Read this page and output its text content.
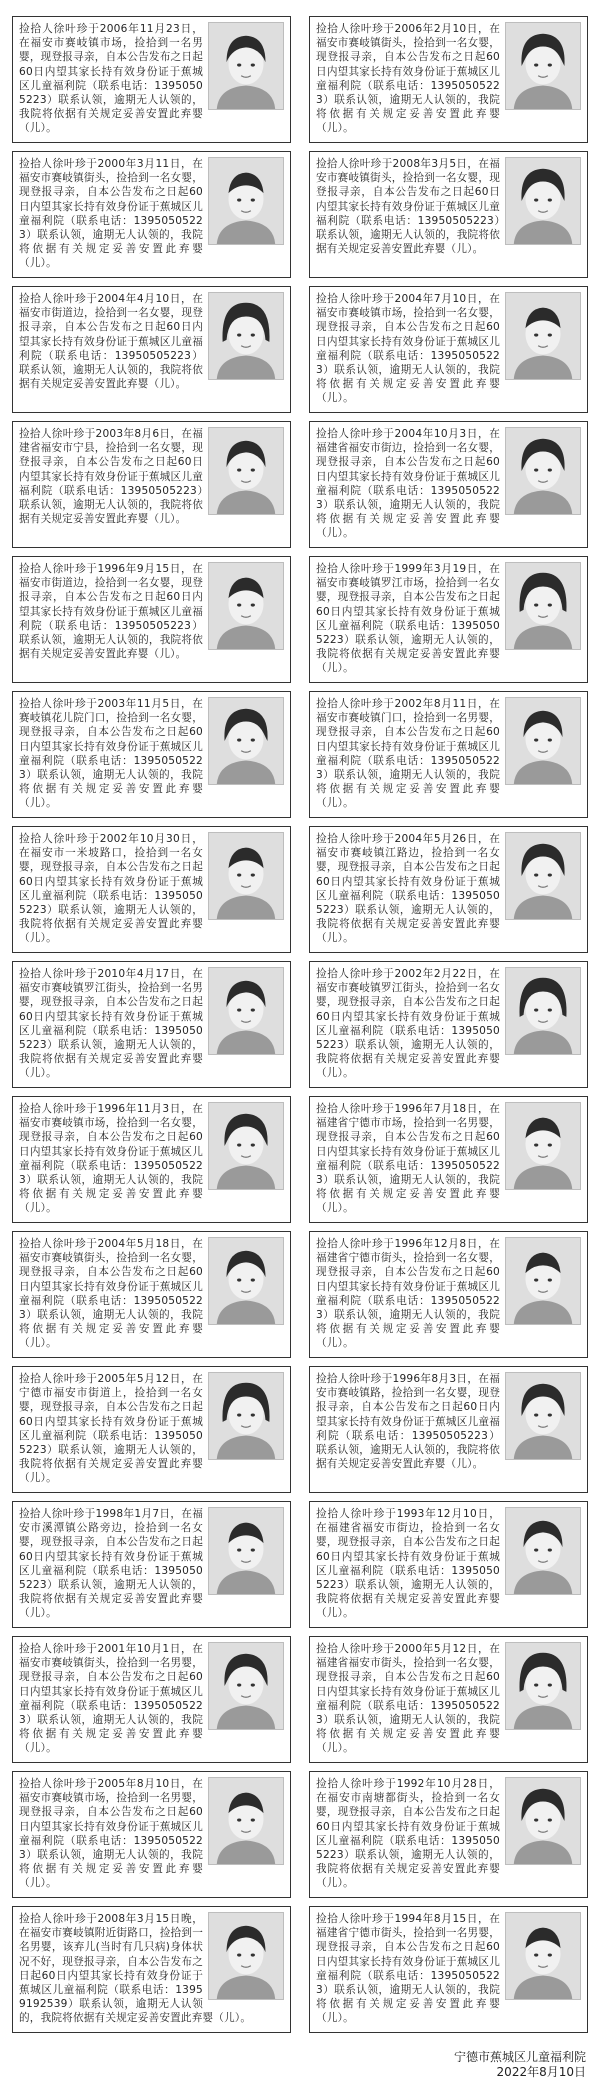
捡拾人徐叶珍于2006年11月23日，在福安市赛岐镇市场，捡拾到一名男婴，现登报寻亲，自本公告发布之日起60日内望其家长持有效身份证于蕉城区儿童福利院（联系电话：13950505223）联系认领，逾期无人认领的，我院将依据有关规定妥善安置此弃婴（儿）。
捡拾人徐叶珍于2006年2月10日，在福安市赛岐镇街头，捡拾到一名女婴，现登报寻亲，自本公告发布之日起60日内望其家长持有效身份证于蕉城区儿童福利院（联系电话：13950505223）联系认领，逾期无人认领的，我院将依据有关规定妥善安置此弃婴（儿）。
捡拾人徐叶珍于2000年3月11日，在福安市赛岐镇街头，捡拾到一名女婴，现登报寻亲，自本公告发布之日起60日内望其家长持有效身份证于蕉城区儿童福利院（联系电话：13950505223）联系认领，逾期无人认领的，我院将依据有关规定妥善安置此弃婴（儿）。
捡拾人徐叶珍于2008年3月5日，在福安市赛岐镇街头，捡拾到一名女婴，现登报寻亲，自本公告发布之日起60日内望其家长持有效身份证于蕉城区儿童福利院（联系电话：13950505223）联系认领，逾期无人认领的，我院将依据有关规定妥善安置此弃婴（儿）。
捡拾人徐叶珍于2004年4月10日，在福安市街道边，捡拾到一名女婴，现登报寻亲，自本公告发布之日起60日内望其家长持有效身份证于蕉城区儿童福利院（联系电话：13950505223）联系认领，逾期无人认领的，我院将依据有关规定妥善安置此弃婴（儿）。
捡拾人徐叶珍于2004年7月10日，在福安市赛岐镇市场，捡拾到一名女婴，现登报寻亲，自本公告发布之日起60日内望其家长持有效身份证于蕉城区儿童福利院（联系电话：13950505223）联系认领，逾期无人认领的，我院将依据有关规定妥善安置此弃婴（儿）。
捡拾人徐叶珍于2003年8月6日，在福建省福安市宁县，捡拾到一名女婴，现登报寻亲，自本公告发布之日起60日内望其家长持有效身份证于蕉城区儿童福利院（联系电话：13950505223）联系认领，逾期无人认领的，我院将依据有关规定妥善安置此弃婴（儿）。
捡拾人徐叶珍于2004年10月3日，在福建省福安市街边，捡拾到一名女婴，现登报寻亲，自本公告发布之日起60日内望其家长持有效身份证于蕉城区儿童福利院（联系电话：13950505223）联系认领，逾期无人认领的，我院将依据有关规定妥善安置此弃婴（儿）。
捡拾人徐叶珍于1996年9月15日，在福安市街道边，捡拾到一名女婴，现登报寻亲，自本公告发布之日起60日内望其家长持有效身份证于蕉城区儿童福利院（联系电话：13950505223）联系认领，逾期无人认领的，我院将依据有关规定妥善安置此弃婴（儿）。
捡拾人徐叶珍于1999年3月19日，在福安市赛岐镇罗江市场，捡拾到一名女婴，现登报寻亲，自本公告发布之日起60日内望其家长持有效身份证于蕉城区儿童福利院（联系电话：13950505223）联系认领，逾期无人认领的，我院将依据有关规定妥善安置此弃婴（儿）。
捡拾人徐叶珍于2003年11月5日，在赛岐镇花儿院门口，捡拾到一名女婴，现登报寻亲，自本公告发布之日起60日内望其家长持有效身份证于蕉城区儿童福利院（联系电话：13950505223）联系认领，逾期无人认领的，我院将依据有关规定妥善安置此弃婴（儿）。
捡拾人徐叶珍于2002年8月11日，在福安市赛岐镇门口，捡拾到一名男婴，现登报寻亲，自本公告发布之日起60日内望其家长持有效身份证于蕉城区儿童福利院（联系电话：13950505223）联系认领，逾期无人认领的，我院将依据有关规定妥善安置此弃婴（儿）。
捡拾人徐叶珍于2002年10月30日，在福安市一米坡路口，捡拾到一名女婴，现登报寻亲，自本公告发布之日起60日内望其家长持有效身份证于蕉城区儿童福利院（联系电话：13950505223）联系认领，逾期无人认领的，我院将依据有关规定妥善安置此弃婴（儿）。
捡拾人徐叶珍于2004年5月26日，在福安市赛岐镇江路边，捡拾到一名女婴，现登报寻亲，自本公告发布之日起60日内望其家长持有效身份证于蕉城区儿童福利院（联系电话：13950505223）联系认领，逾期无人认领的，我院将依据有关规定妥善安置此弃婴（儿）。
捡拾人徐叶珍于2010年4月17日，在福安市赛岐镇罗江街头，捡拾到一名男婴，现登报寻亲，自本公告发布之日起60日内望其家长持有效身份证于蕉城区儿童福利院（联系电话：13950505223）联系认领，逾期无人认领的，我院将依据有关规定妥善安置此弃婴（儿）。
捡拾人徐叶珍于2002年2月22日，在福安市赛岐镇罗江街头，捡拾到一名女婴，现登报寻亲，自本公告发布之日起60日内望其家长持有效身份证于蕉城区儿童福利院（联系电话：13950505223）联系认领，逾期无人认领的，我院将依据有关规定妥善安置此弃婴（儿）。
捡拾人徐叶珍于1996年11月3日，在福安市赛岐镇市场，捡拾到一名女婴，现登报寻亲，自本公告发布之日起60日内望其家长持有效身份证于蕉城区儿童福利院（联系电话：13950505223）联系认领，逾期无人认领的，我院将依据有关规定妥善安置此弃婴（儿）。
捡拾人徐叶珍于1996年7月18日，在福建省宁德市市场，捡拾到一名男婴，现登报寻亲，自本公告发布之日起60日内望其家长持有效身份证于蕉城区儿童福利院（联系电话：13950505223）联系认领，逾期无人认领的，我院将依据有关规定妥善安置此弃婴（儿）。
捡拾人徐叶珍于2004年5月18日，在福安市赛岐镇街头，捡拾到一名女婴，现登报寻亲，自本公告发布之日起60日内望其家长持有效身份证于蕉城区儿童福利院（联系电话：13950505223）联系认领，逾期无人认领的，我院将依据有关规定妥善安置此弃婴（儿）。
捡拾人徐叶珍于1996年12月8日，在福建省宁德市街头，捡拾到一名女婴，现登报寻亲，自本公告发布之日起60日内望其家长持有效身份证于蕉城区儿童福利院（联系电话：13950505223）联系认领，逾期无人认领的，我院将依据有关规定妥善安置此弃婴（儿）。
捡拾人徐叶珍于2005年5月12日，在宁德市福安市街道上，捡拾到一名女婴，现登报寻亲，自本公告发布之日起60日内望其家长持有效身份证于蕉城区儿童福利院（联系电话：13950505223）联系认领，逾期无人认领的，我院将依据有关规定妥善安置此弃婴（儿）。
捡拾人徐叶珍于1996年8月3日，在福安市赛岐镇路，捡拾到一名女婴，现登报寻亲，自本公告发布之日起60日内望其家长持有效身份证于蕉城区儿童福利院（联系电话：13950505223）联系认领，逾期无人认领的，我院将依据有关规定妥善安置此弃婴（儿）。
捡拾人徐叶珍于1998年1月7日，在福安市溪潭镇公路旁边，捡拾到一名女婴，现登报寻亲，自本公告发布之日起60日内望其家长持有效身份证于蕉城区儿童福利院（联系电话：13950505223）联系认领，逾期无人认领的，我院将依据有关规定妥善安置此弃婴（儿）。
捡拾人徐叶珍于1993年12月10日，在福建省福安市街边，捡拾到一名女婴，现登报寻亲，自本公告发布之日起60日内望其家长持有效身份证于蕉城区儿童福利院（联系电话：13950505223）联系认领，逾期无人认领的，我院将依据有关规定妥善安置此弃婴（儿）。
捡拾人徐叶珍于2001年10月1日，在福安市赛岐镇街头，捡拾到一名男婴，现登报寻亲，自本公告发布之日起60日内望其家长持有效身份证于蕉城区儿童福利院（联系电话：13950505223）联系认领，逾期无人认领的，我院将依据有关规定妥善安置此弃婴（儿）。
捡拾人徐叶珍于2000年5月12日，在福建省福安市街头，捡拾到一名女婴，现登报寻亲，自本公告发布之日起60日内望其家长持有效身份证于蕉城区儿童福利院（联系电话：13950505223）联系认领，逾期无人认领的，我院将依据有关规定妥善安置此弃婴（儿）。
捡拾人徐叶珍于2005年8月10日，在福安市赛岐镇市场，捡拾到一名男婴，现登报寻亲，自本公告发布之日起60日内望其家长持有效身份证于蕉城区儿童福利院（联系电话：13950505223）联系认领，逾期无人认领的，我院将依据有关规定妥善安置此弃婴（儿）。
捡拾人徐叶珍于1992年10月28日，在福安市南塘都街头，捡拾到一名女婴，现登报寻亲，自本公告发布之日起60日内望其家长持有效身份证于蕉城区儿童福利院（联系电话：13950505223）联系认领，逾期无人认领的，我院将依据有关规定妥善安置此弃婴（儿）。
捡拾人徐叶珍于2008年3月15日晚，在福安市赛岐镇附近街路口，捡拾到一名男婴，该弃儿(当时有几只病)身体状况不好，现登报寻亲，自本公告发布之日起60日内望其家长持有效身份证于蕉城区儿童福利院（联系电话：13959192539）联系认领，逾期无人认领的，我院将依据有关规定妥善安置此弃婴（儿）。
捡拾人徐叶珍于1994年8月15日，在福建省宁德市街头，捡拾到一名男婴，现登报寻亲，自本公告发布之日起60日内望其家长持有效身份证于蕉城区儿童福利院（联系电话：13950505223）联系认领，逾期无人认领的，我院将依据有关规定妥善安置此弃婴（儿）。
宁德市蕉城区儿童福利院
2022年8月10日
